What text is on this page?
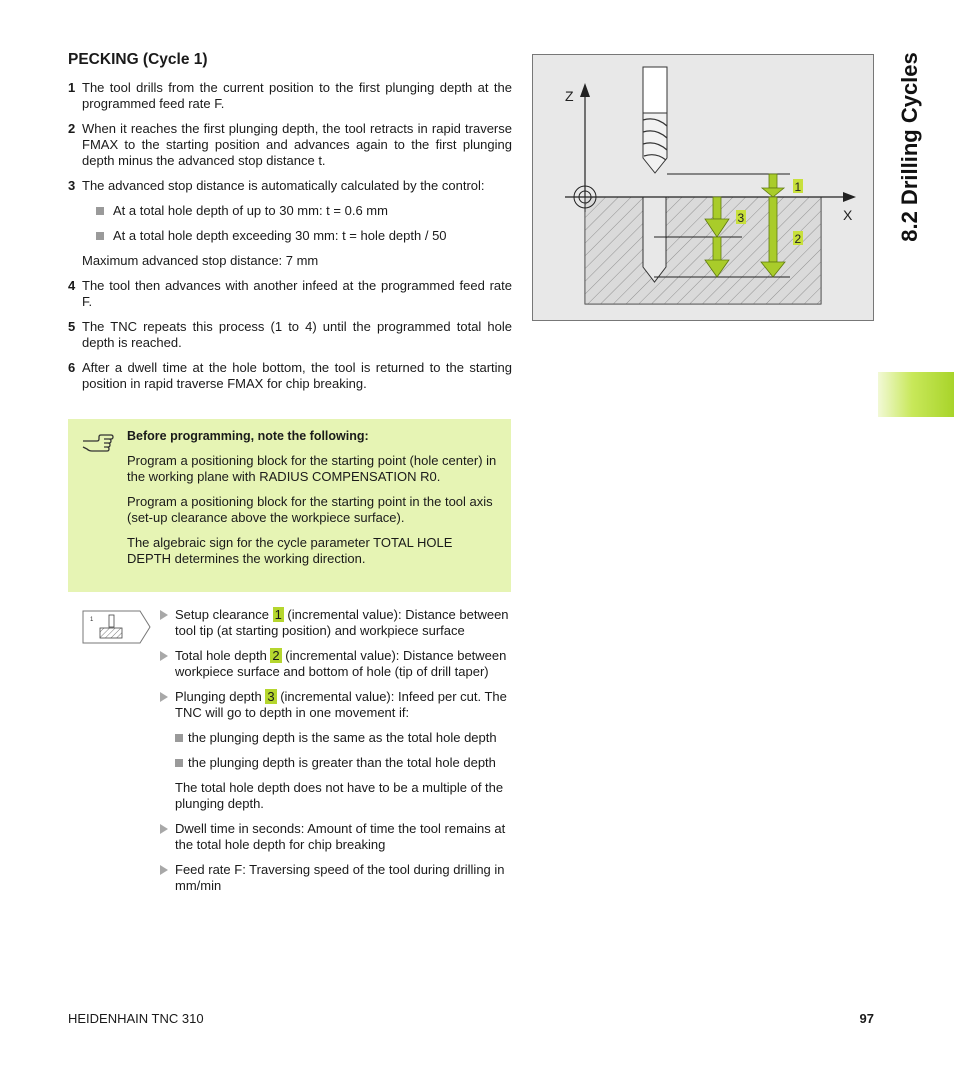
PECKING (Cycle 1)
1 The tool drills from the current position to the first plunging depth at the programmed feed rate F.
2 When it reaches the first plunging depth, the tool retracts in rapid traverse FMAX to the starting position and advances again to the first plunging depth minus the advanced stop distance t.
3 The advanced stop distance is automatically calculated by the control:
At a total hole depth of up to 30 mm: t = 0.6 mm
At a total hole depth exceeding 30 mm: t = hole depth / 50
Maximum advanced stop distance: 7 mm
4 The tool then advances with another infeed at the programmed feed rate F.
5 The TNC repeats this process (1 to 4) until the programmed total hole depth is reached.
6 After a dwell time at the hole bottom, the tool is returned to the starting position in rapid traverse FMAX for chip breaking.
Before programming, note the following:

Program a positioning block for the starting point (hole center) in the working plane with RADIUS COMPENSATION R0.

Program a positioning block for the starting point in the tool axis (set-up clearance above the workpiece surface).

The algebraic sign for the cycle parameter TOTAL HOLE DEPTH determines the working direction.

1	Setup clearance 1 (incremental value): Distance between tool tip (at starting position) and workpiece surface
Total hole depth 2 (incremental value): Distance between workpiece surface and bottom of hole (tip of drill taper)
Plunging depth 3 (incremental value): Infeed per cut. The TNC will go to depth in one movement if:
the plunging depth is the same as the total hole depth
the plunging depth is greater than the total hole depth
The total hole depth does not have to be a multiple of the plunging depth.
Dwell time in seconds: Amount of time the tool remains at the total hole depth for chip breaking
Feed rate F: Traversing speed of the tool during drilling in mm/min
Z
X
1
3
2	8.2 Drilling Cycles
HEIDENHAIN TNC 310	97
